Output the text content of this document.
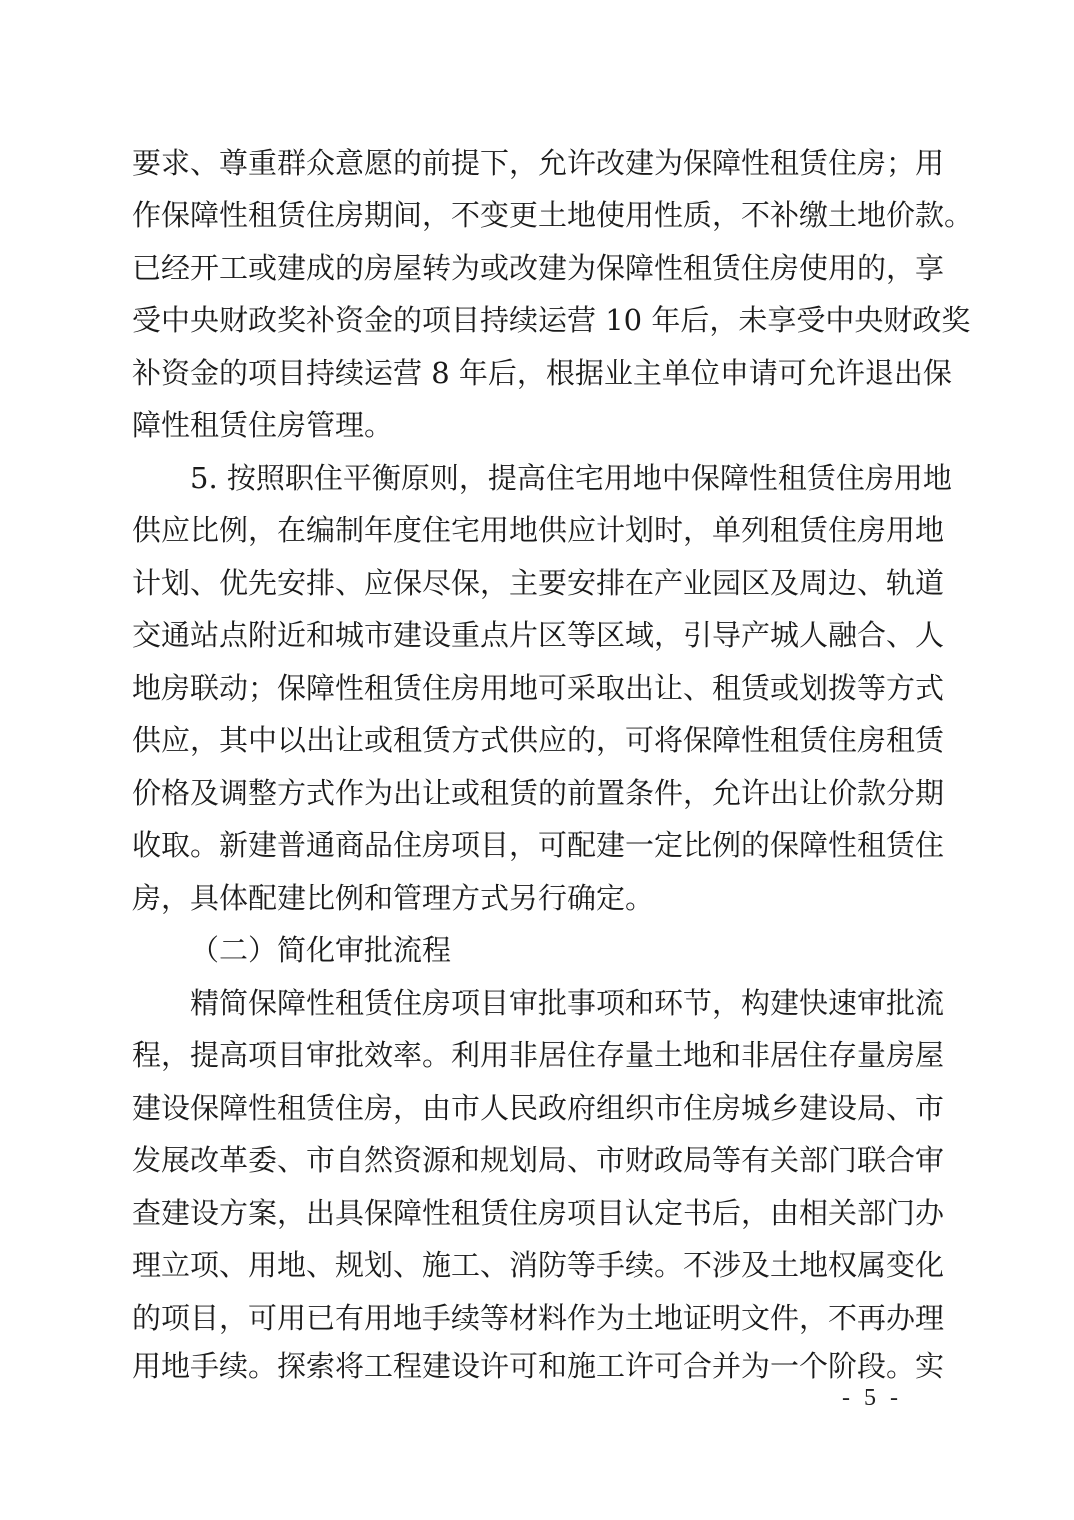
要求、尊重群众意愿的前提下，允许改建为保障性租赁住房；用
作保障性租赁住房期间，不变更土地使用性质，不补缴土地价款。
已经开工或建成的房屋转为或改建为保障性租赁住房使用的，享
受中央财政奖补资金的项目持续运营 10 年后，未享受中央财政奖
补资金的项目持续运营 8 年后，根据业主单位申请可允许退出保
障性租赁住房管理。
5. 按照职住平衡原则，提高住宅用地中保障性租赁住房用地
供应比例，在编制年度住宅用地供应计划时，单列租赁住房用地
计划、优先安排、应保尽保，主要安排在产业园区及周边、轨道
交通站点附近和城市建设重点片区等区域，引导产城人融合、人
地房联动；保障性租赁住房用地可采取出让、租赁或划拨等方式
供应，其中以出让或租赁方式供应的，可将保障性租赁住房租赁
价格及调整方式作为出让或租赁的前置条件，允许出让价款分期
收取。新建普通商品住房项目，可配建一定比例的保障性租赁住
房，具体配建比例和管理方式另行确定。
（二）简化审批流程
精简保障性租赁住房项目审批事项和环节，构建快速审批流
程，提高项目审批效率。利用非居住存量土地和非居住存量房屋
建设保障性租赁住房，由市人民政府组织市住房城乡建设局、市
发展改革委、市自然资源和规划局、市财政局等有关部门联合审
查建设方案，出具保障性租赁住房项目认定书后，由相关部门办
理立项、用地、规划、施工、消防等手续。不涉及土地权属变化
的项目，可用已有用地手续等材料作为土地证明文件，不再办理
用地手续。探索将工程建设许可和施工许可合并为一个阶段。实
- 5 -
